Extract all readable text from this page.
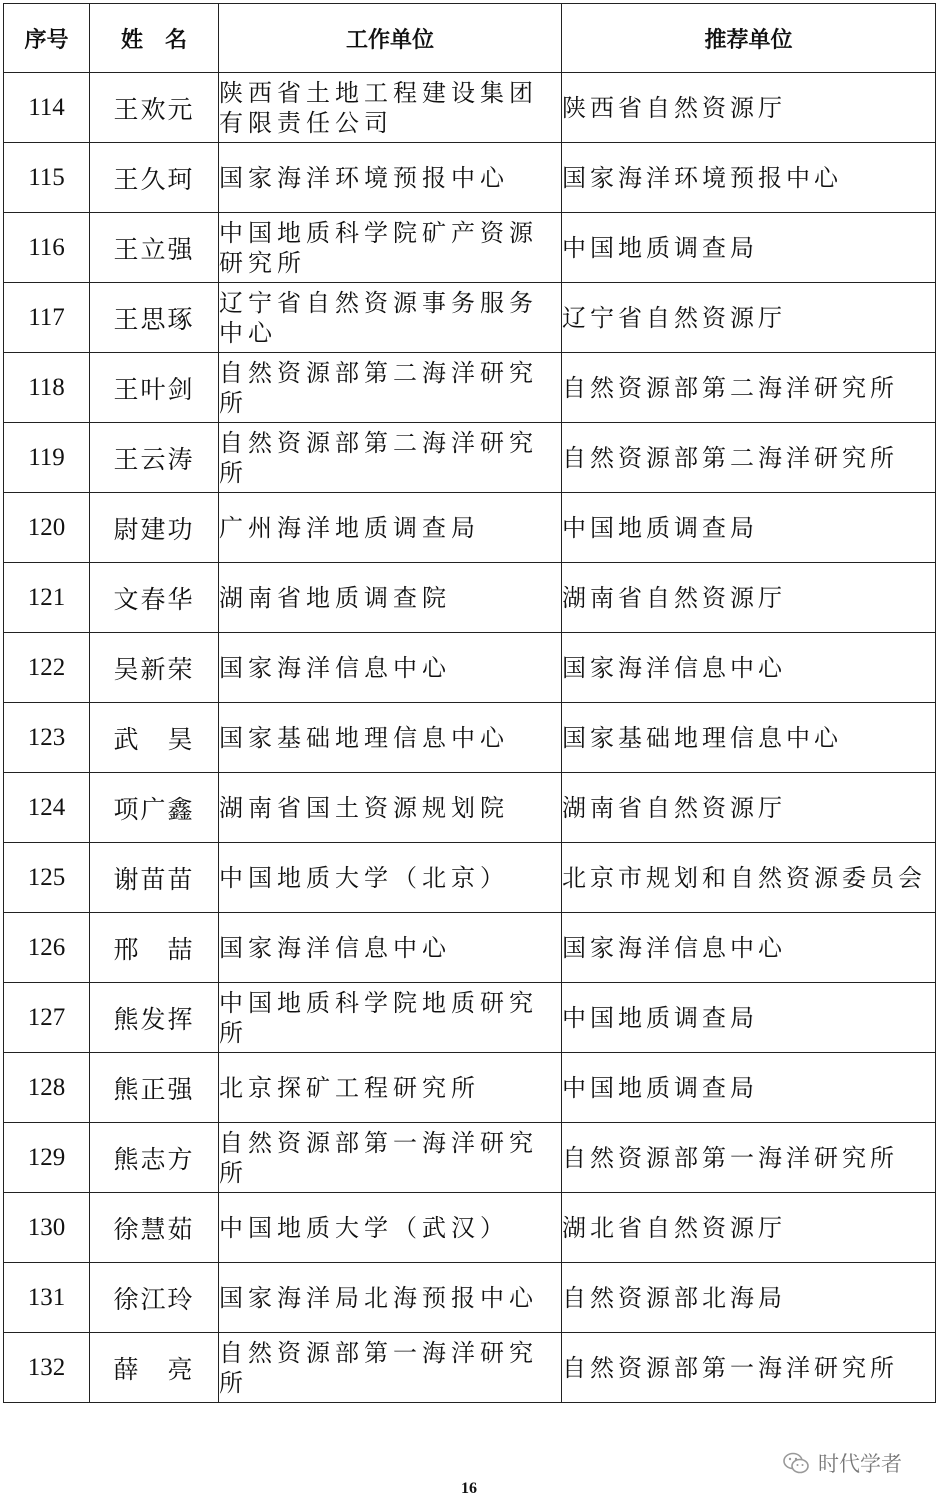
序号	姓　名	工作单位	推荐单位
114	王欢元	陕西省土地工程建设集团有限责任公司	陕西省自然资源厅
115	王久珂	国家海洋环境预报中心	国家海洋环境预报中心
116	王立强	中国地质科学院矿产资源研究所	中国地质调查局
117	王思琢	辽宁省自然资源事务服务中心	辽宁省自然资源厅
118	王叶剑	自然资源部第二海洋研究所	自然资源部第二海洋研究所
119	王云涛	自然资源部第二海洋研究所	自然资源部第二海洋研究所
120	尉建功	广州海洋地质调查局	中国地质调查局
121	文春华	湖南省地质调查院	湖南省自然资源厅
122	吴新荣	国家海洋信息中心	国家海洋信息中心
123	武　昊	国家基础地理信息中心	国家基础地理信息中心
124	项广鑫	湖南省国土资源规划院	湖南省自然资源厅
125	谢苗苗	中国地质大学（北京）	北京市规划和自然资源委员会
126	邢　喆	国家海洋信息中心	国家海洋信息中心
127	熊发挥	中国地质科学院地质研究所	中国地质调查局
128	熊正强	北京探矿工程研究所	中国地质调查局
129	熊志方	自然资源部第一海洋研究所	自然资源部第一海洋研究所
130	徐慧茹	中国地质大学（武汉）	湖北省自然资源厅
131	徐江玲	国家海洋局北海预报中心	自然资源部北海局
132	薛　亮	自然资源部第一海洋研究所	自然资源部第一海洋研究所
时代学者
16
